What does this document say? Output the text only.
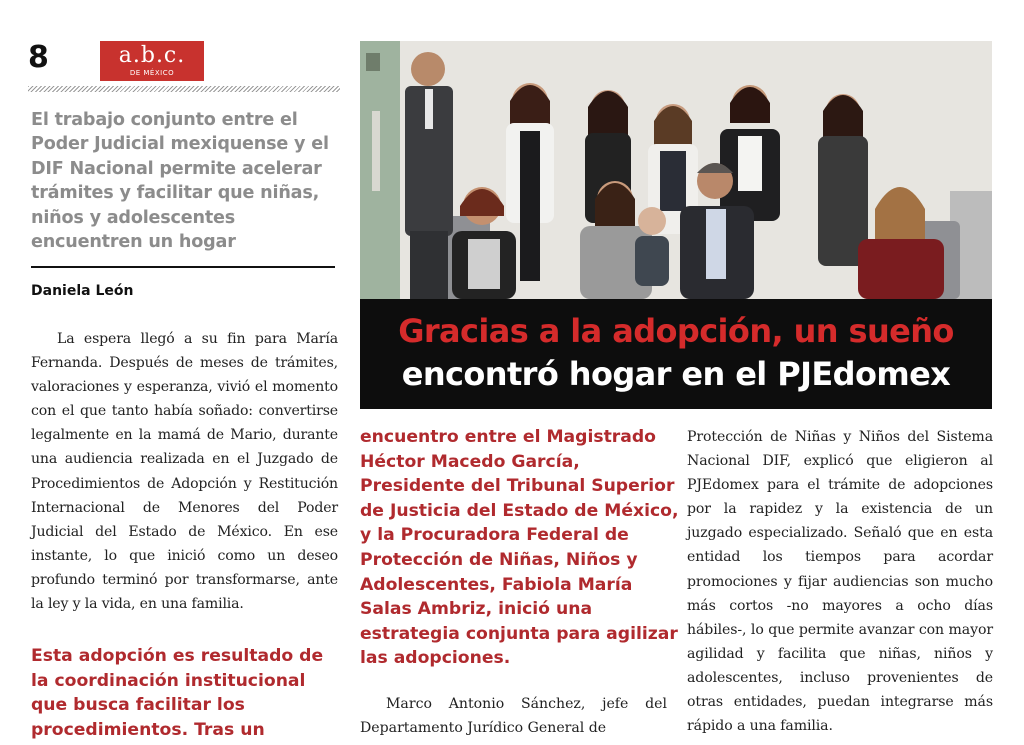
8	a.b.c.
DE MÉXICO

El trabajo conjunto entre el Poder Judicial mexiquense y el DIF Nacional permite acelerar trámites y facilitar que niñas, niños y adolescentes encuentren un hogar

Daniela León

La espera llegó a su fin para María Fernanda. Después de meses de trámites, valoraciones y esperanza, vivió el momento con el que tanto había soñado: convertirse legalmente en la mamá de Mario, durante una audiencia realizada en el Juzgado de Procedimientos de Adopción y Restitución Internacional de Menores del Poder Judicial del Estado de México. En ese instante, lo que inició como un deseo profundo terminó por transformarse, ante la ley y la vida, en una familia.

Esta adopción es resultado de la coordinación institucional que busca facilitar los procedimientos. Tras un

Gracias a la adopción, un sueño
encontró hogar en el PJEdomex

encuentro entre el Magistrado Héctor Macedo García, Presidente del Tribunal Superior de Justicia del Estado de México, y la Procuradora Federal de Protección de Niñas, Niños y Adolescentes, Fabiola María Salas Ambriz, inició una estrategia conjunta para agilizar las adopciones.

Marco Antonio Sánchez, jefe del Departamento Jurídico General de

Protección de Niñas y Niños del Sistema Nacional DIF, explicó que eligieron al PJEdomex para el trámite de adopciones por la rapidez y la existencia de un juzgado especializado. Señaló que en esta entidad los tiempos para acordar promociones y fijar audiencias son mucho más cortos -no mayores a ocho días hábiles-, lo que permite avanzar con mayor agilidad y facilita que niñas, niños y adolescentes, incluso provenientes de otras entidades, puedan integrarse más rápido a una familia.
